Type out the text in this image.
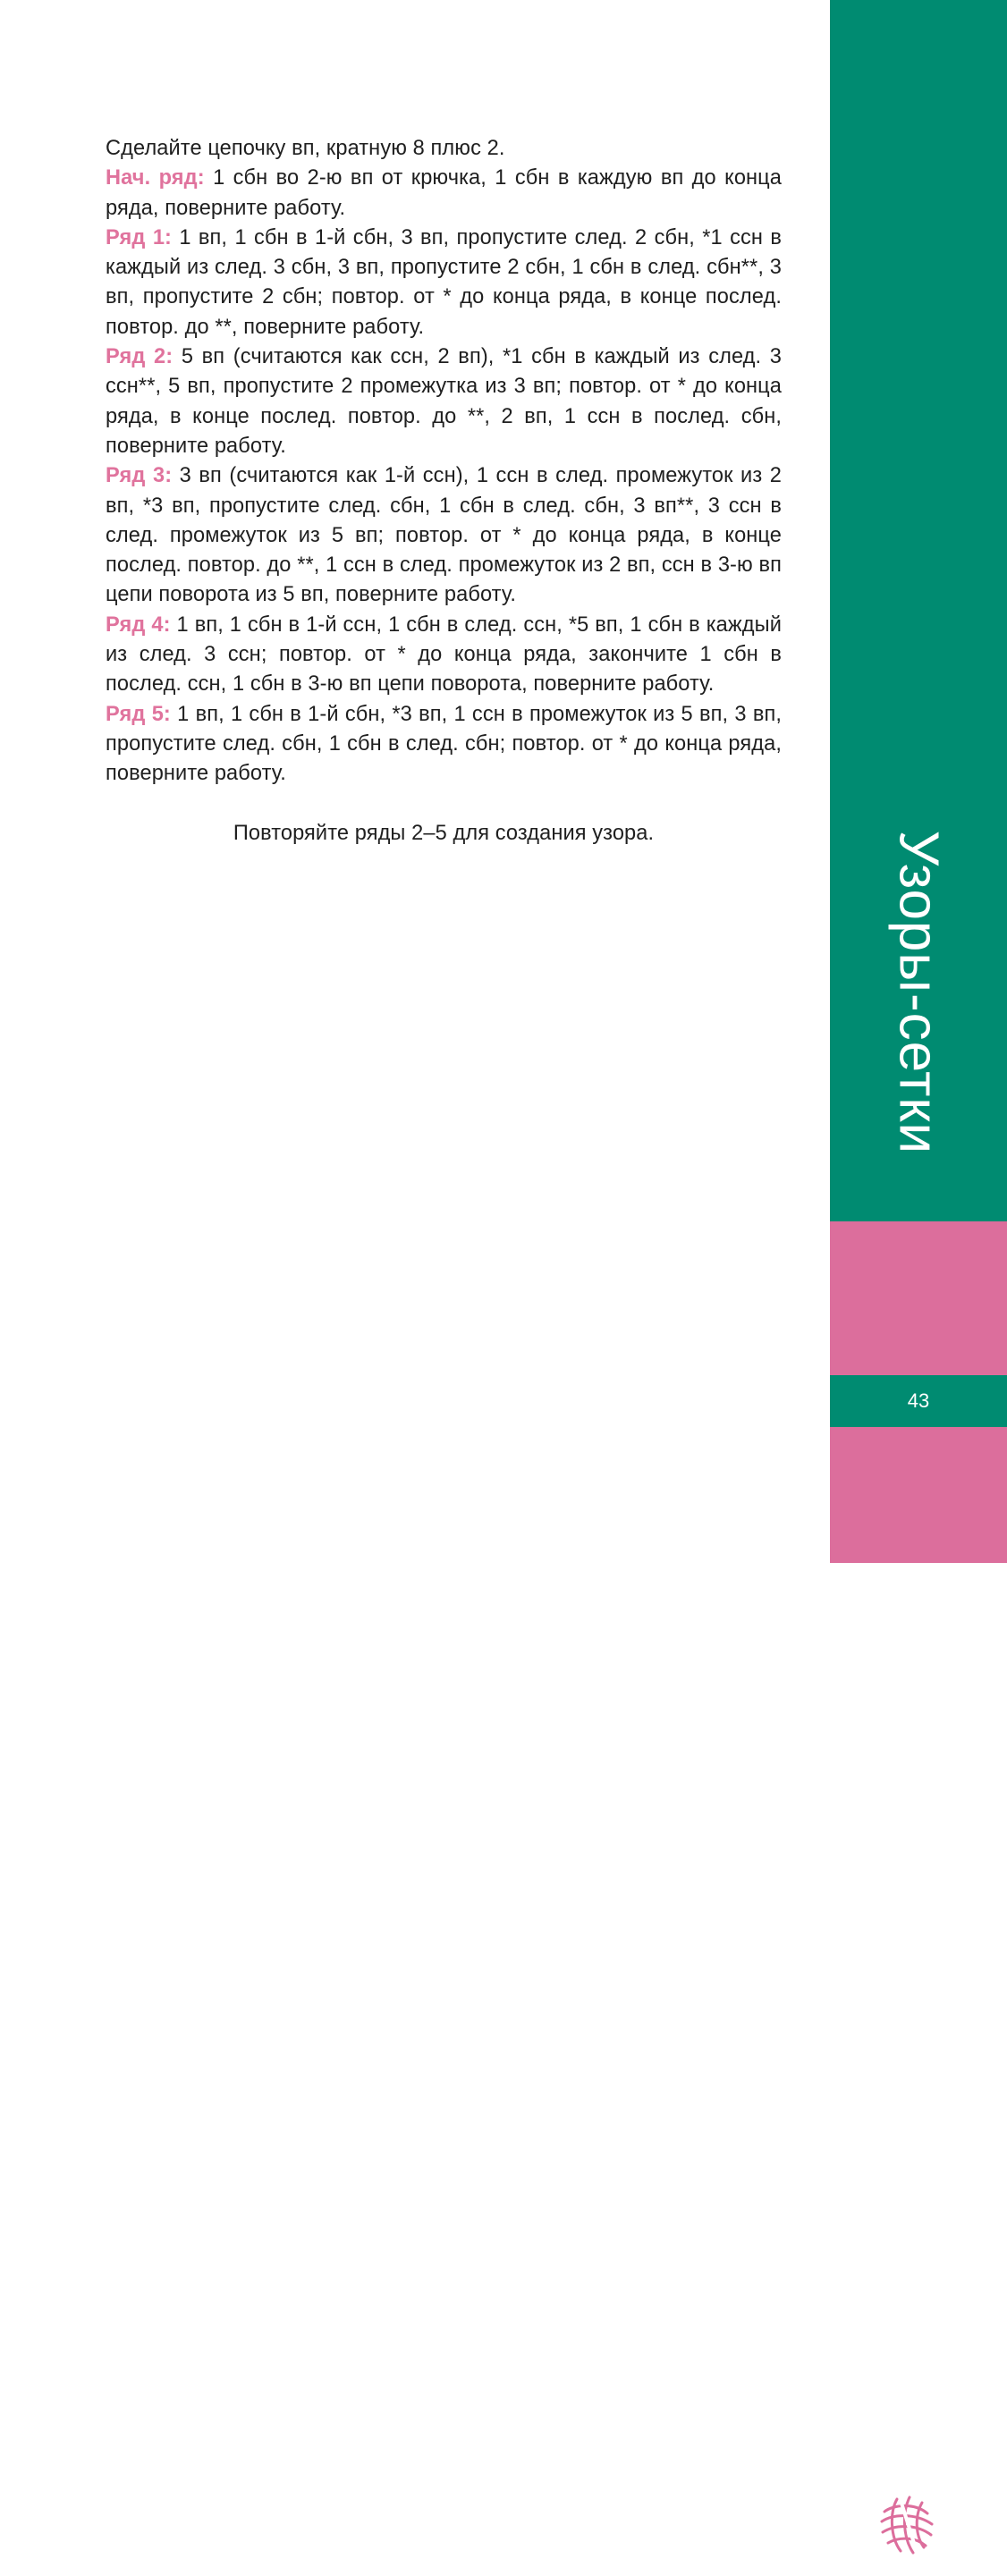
Сделайте цепочку вп, кратную 8 плюс 2.

Нач. ряд: 1 сбн во 2-ю вп от крючка, 1 сбн в каждую вп до конца ряда, поверните работу.

Ряд 1: 1 вп, 1 сбн в 1-й сбн, 3 вп, пропустите след. 2 сбн, *1 ссн в каждый из след. 3 сбн, 3 вп, пропустите 2 сбн, 1 сбн в след. сбн**, 3 вп, пропустите 2 сбн; повтор. от * до конца ряда, в конце послед. повтор. до **, поверните работу.

Ряд 2: 5 вп (считаются как ссн, 2 вп), *1 сбн в каждый из след. 3 ссн**, 5 вп, пропустите 2 промежутка из 3 вп; повтор. от * до конца ряда, в конце послед. повтор. до **, 2 вп, 1 ссн в послед. сбн, поверните работу.

Ряд 3: 3 вп (считаются как 1-й ссн), 1 ссн в след. промежуток из 2 вп, *3 вп, пропустите след. сбн, 1 сбн в след. сбн, 3 вп**, 3 ссн в след. промежуток из 5 вп; повтор. от * до конца ряда, в конце послед. повтор. до **, 1 ссн в след. промежуток из 2 вп, ссн в 3-ю вп цепи поворота из 5 вп, поверните работу.

Ряд 4: 1 вп, 1 сбн в 1-й ссн, 1 сбн в след. ссн, *5 вп, 1 сбн в каждый из след. 3 ссн; повтор. от * до конца ряда, закончите 1 сбн в послед. ссн, 1 сбн в 3-ю вп цепи поворота, поверните работу.

Ряд 5: 1 вп, 1 сбн в 1-й сбн, *3 вп, 1 ссн в промежуток из 5 вп, 3 вп, пропустите след. сбн, 1 сбн в след. сбн; повтор. от * до конца ряда, поверните работу.

Повторяйте ряды 2–5 для создания узора.	Узоры-сетки
43
